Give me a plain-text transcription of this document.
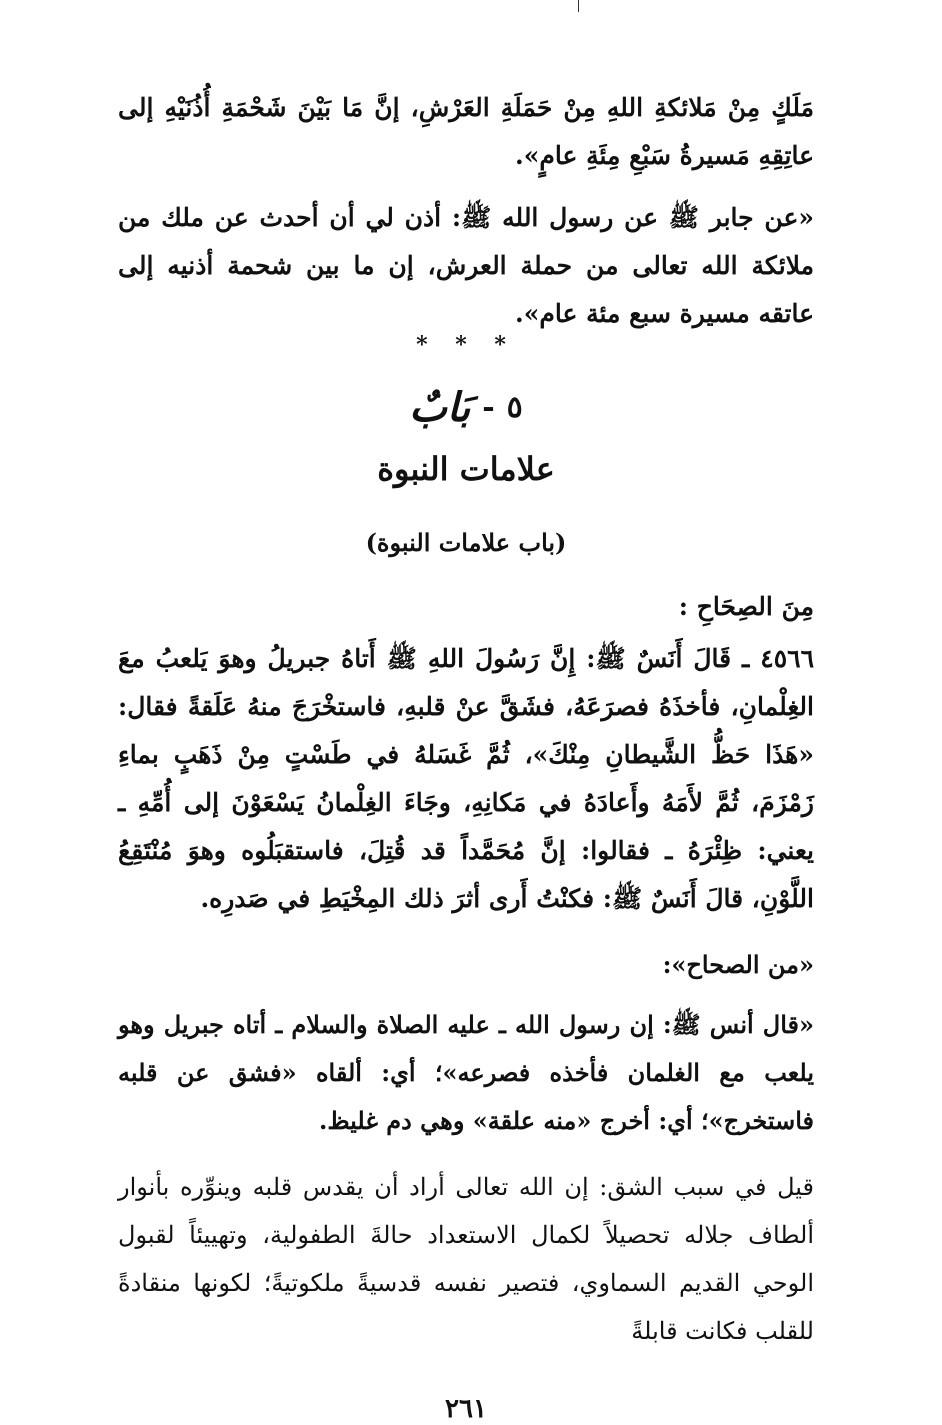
مَلَكٍ مِنْ مَلائكةِ اللهِ مِنْ حَمَلَةِ العَرْشِ، إنَّ مَا بَيْنَ شَحْمَةِ أُذُنَيْهِ إلى عاتِقِهِ مَسيرةُ سَبْعِ مِئَةِ عامٍ».

«عن جابر ﷺ عن رسول الله ﷺ: أذن لي أن أحدث عن ملك من ملائكة الله تعالى من حملة العرش، إن ما بين شحمة أذنيه إلى عاتقه مسيرة سبع مئة عام».

* * *

٥
-
بَابٌ
علامات النبوة
(باب علامات النبوة)

مِنَ الصِحَاحِ :

٤٥٦٦ ـ قَالَ أَنَسٌ ﷺ: إِنَّ رَسُولَ اللهِ ﷺ أَتاهُ جبريلُ وهوَ يَلعبُ معَ الغِلْمانِ، فأخذَهُ فصرَعَهُ، فشَقَّ عنْ قلبهِ، فاستخْرَجَ منهُ عَلَقةً فقال: «هَذَا حَظُّ الشَّيطانِ مِنْكَ»، ثُمَّ غَسَلهُ في طَسْتٍ مِنْ ذَهَبٍ بماءِ زَمْزَمَ، ثُمَّ لأَمَهُ وأَعادَهُ في مَكانِهِ، وجَاءَ الغِلْمانُ يَسْعَوْنَ إلى أُمِّهِ ـ يعني: ظِئْرَهُ ـ فقالوا: إنَّ مُحَمَّداً قد قُتِلَ، فاستقبَلُوه وهوَ مُنْتَقِعُ اللَّوْنِ، قالَ أَنَسٌ ﷺ: فكنْتُ أَرى أثرَ ذلك المِخْيَطِ في صَدرِه.

«من الصحاح»:

«قال أنس ﷺ: إن رسول الله ـ عليه الصلاة والسلام ـ أتاه جبريل وهو يلعب مع الغلمان فأخذه فصرعه»؛ أي: ألقاه «فشق عن قلبه فاستخرج»؛ أي: أخرج «منه علقة» وهي دم غليظ.

قيل في سبب الشق: إن الله تعالى أراد أن يقدس قلبه وينوِّره بأنوار ألطاف جلاله تحصيلاً لكمال الاستعداد حالةَ الطفولية، وتهييئاً لقبول الوحي القديم السماوي، فتصير نفسه قدسيةً ملكوتيةً؛ لكونها منقادةً للقلب فكانت قابلةً

٢٦١
